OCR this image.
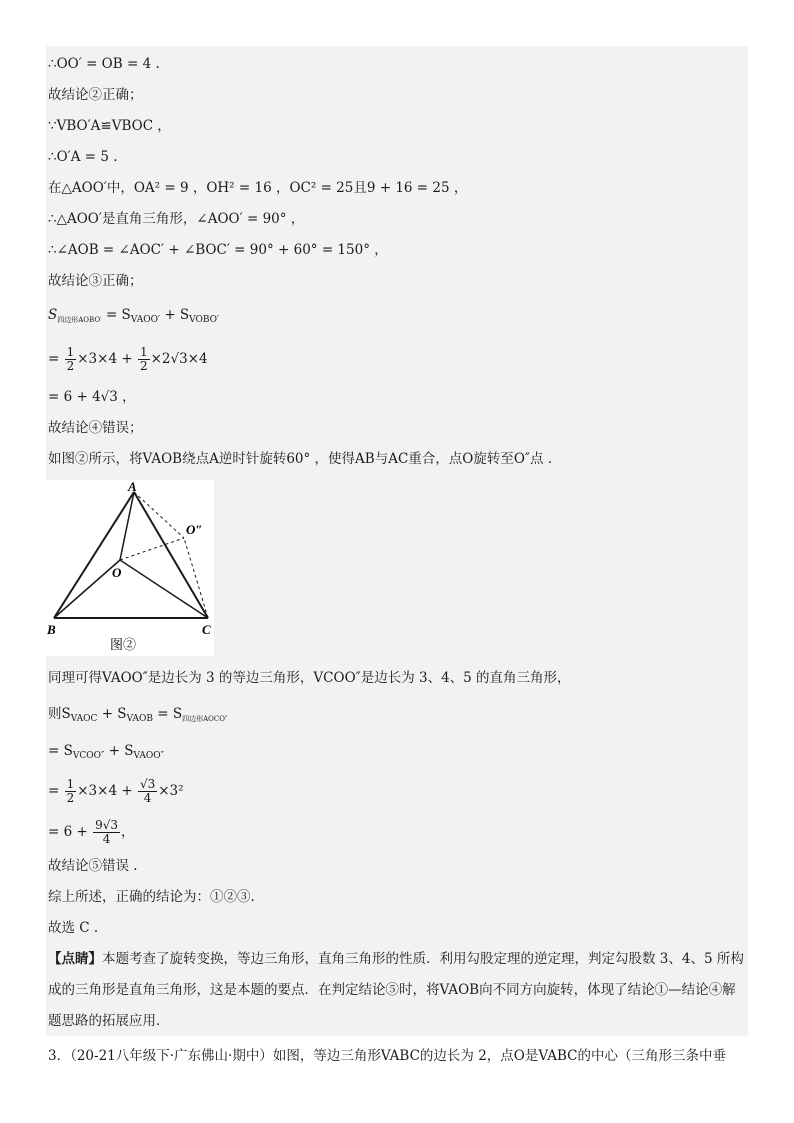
∴OO′ = OB = 4 .
故结论②正确；
∵VBO′A≌VBOC ，
∴O′A = 5 .
在△AOO′中，OA² = 9 ，OH² = 16 ，OC² = 25且9 + 16 = 25 ，
∴△AOO′是直角三角形，∠AOO′ = 90° ，
∴∠AOB = ∠AOC′ + ∠BOC′ = 90° + 60° = 150° ，
故结论③正确；
$S_{四边形AOBO'} = S_{VAOO'} + S_{VOBO'}$
= $\frac{1}{2} \times 3\times 4 + \frac{1}{2} \times 2√3\times 4$
= 6 + 4√3 ，
故结论④错误；
如图②所示，将VAOB绕点A逆时针旋转60° ，使得AB与AC重合，点O旋转至O″点 .
A
B	C
O
O″
图②
同理可得VAOO″是边长为 3 的等边三角形，VCOO″是边长为 3、4、5 的直角三角形，
则$S_{VAOC} + S_{VAOB} = S_{四边形AOCO''}$
= $S_{VCOO''} + S_{VAOO''}$
= $\frac{1}{2} \times 3\times 4 + \frac{√3}{4} \times 3^2$
= $6 + \frac{9√3}{4}$ ，
故结论⑤错误 .
综上所述，正确的结论为：①②③.
故选 C .
【点睛】本题考查了旋转变换，等边三角形，直角三角形的性质．利用勾股定理的逆定理，判定勾股数 3、4、5 所构成的三角形是直角三角形，这是本题的要点．在判定结论⑤时，将VAOB向不同方向旋转，体现了结论①—结论④解题思路的拓展应用．
3．（20-21八年级下·广东佛山·期中）如图，等边三角形VABC的边长为 2，点O是VABC的中心（三角形三条中垂
